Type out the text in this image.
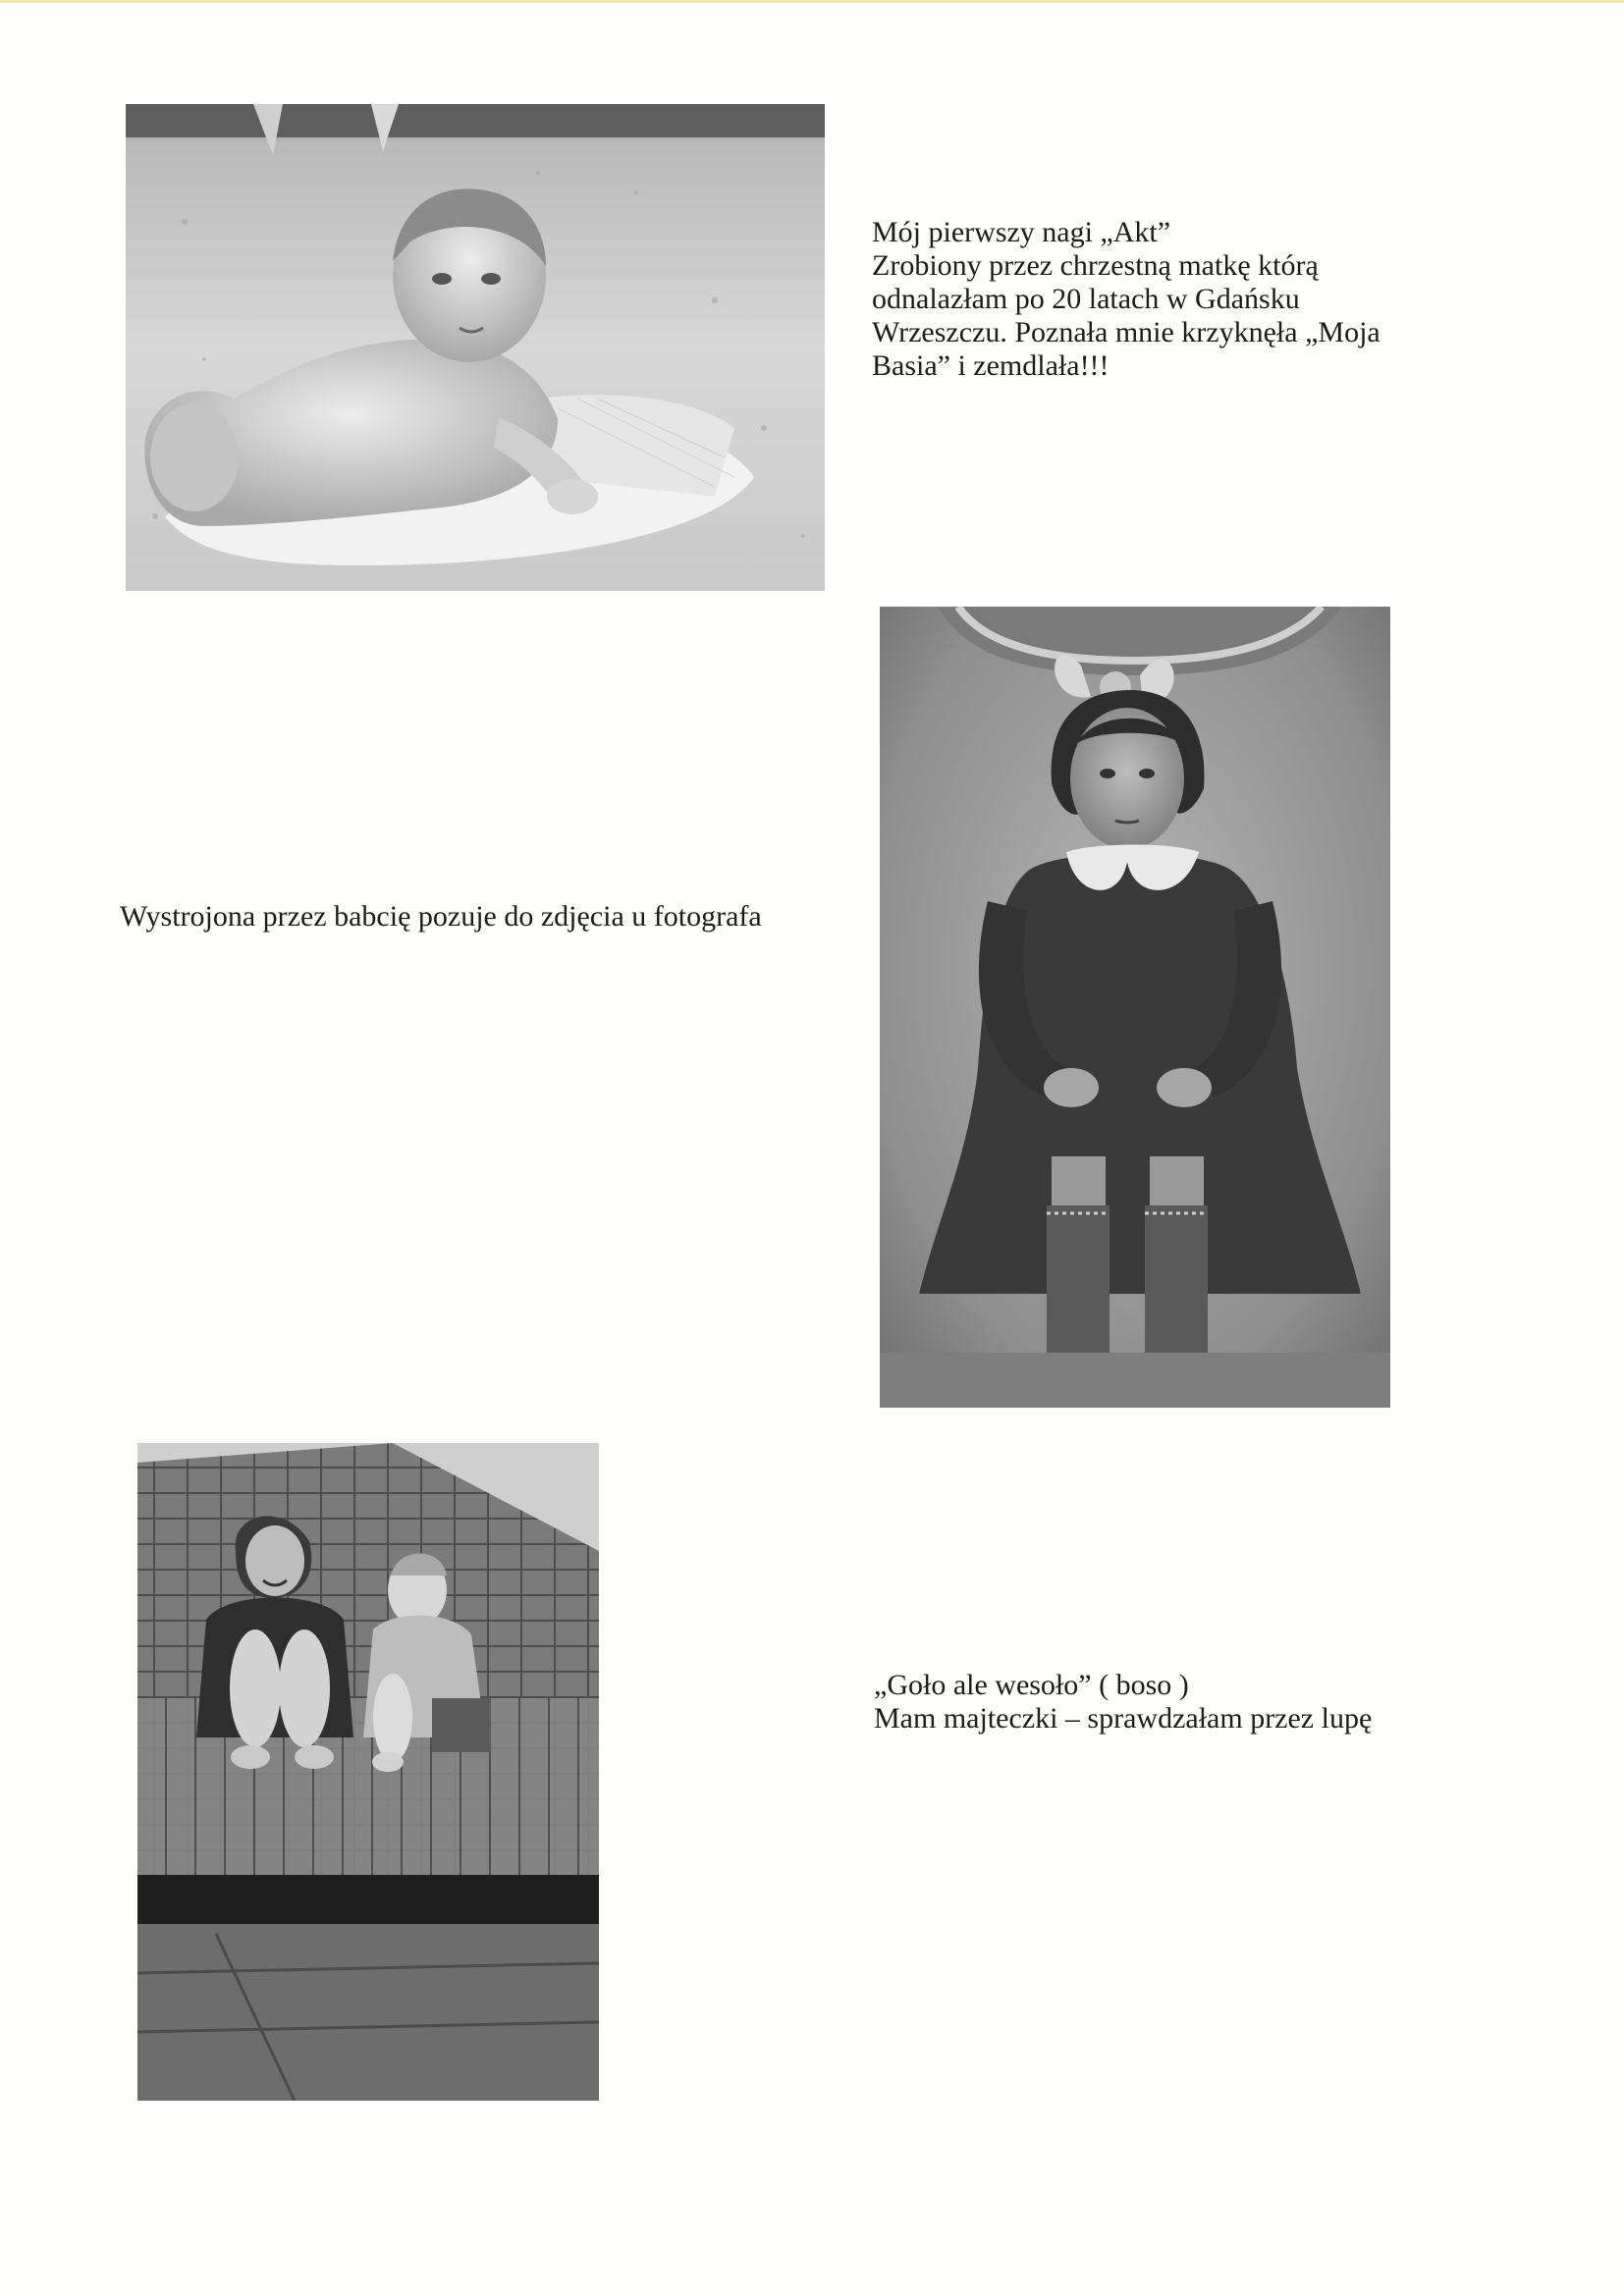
Mój pierwszy nagi „Akt”
Zrobiony przez chrzestną matkę którą
odnalazłam po 20 latach w Gdańsku
Wrzeszczu. Poznała mnie krzyknęła „Moja
Basia” i zemdlała!!!
Wystrojona przez babcię pozuje do zdjęcia u fotografa
„Goło ale wesoło” ( boso )
Mam majteczki – sprawdzałam przez lupę
